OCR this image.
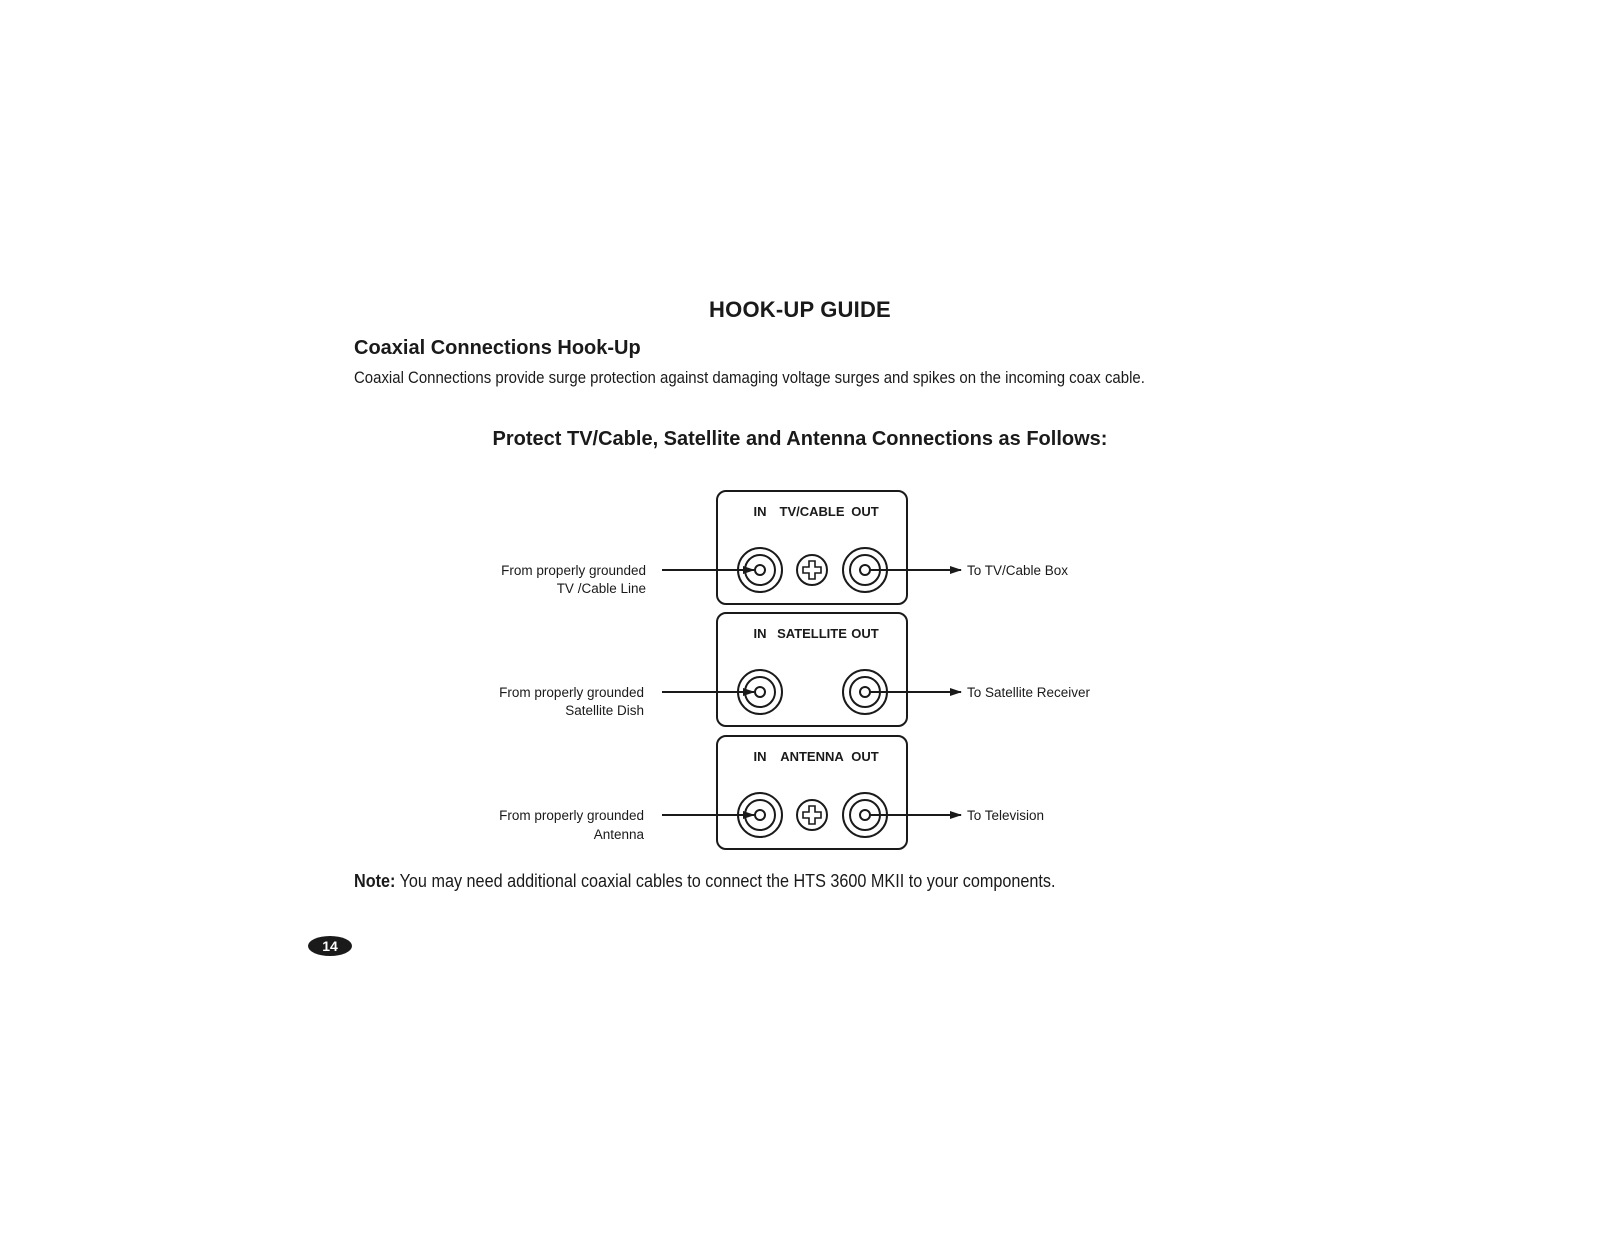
HOOK-UP GUIDE
Coaxial Connections Hook-Up

Coaxial Connections provide surge protection against damaging voltage surges and spikes on the incoming coax cable.

Protect TV/Cable, Satellite and Antenna Connections as Follows:
IN TV/CABLE OUT
From properly grounded
TV /Cable Line
To TV/Cable Box
IN SATELLITE OUT
From properly grounded
Satellite Dish
To Satellite Receiver
IN ANTENNA OUT
From properly grounded
Antenna
To Television

Note: You may need additional coaxial cables to connect the HTS 3600 MKII to your components.

14
